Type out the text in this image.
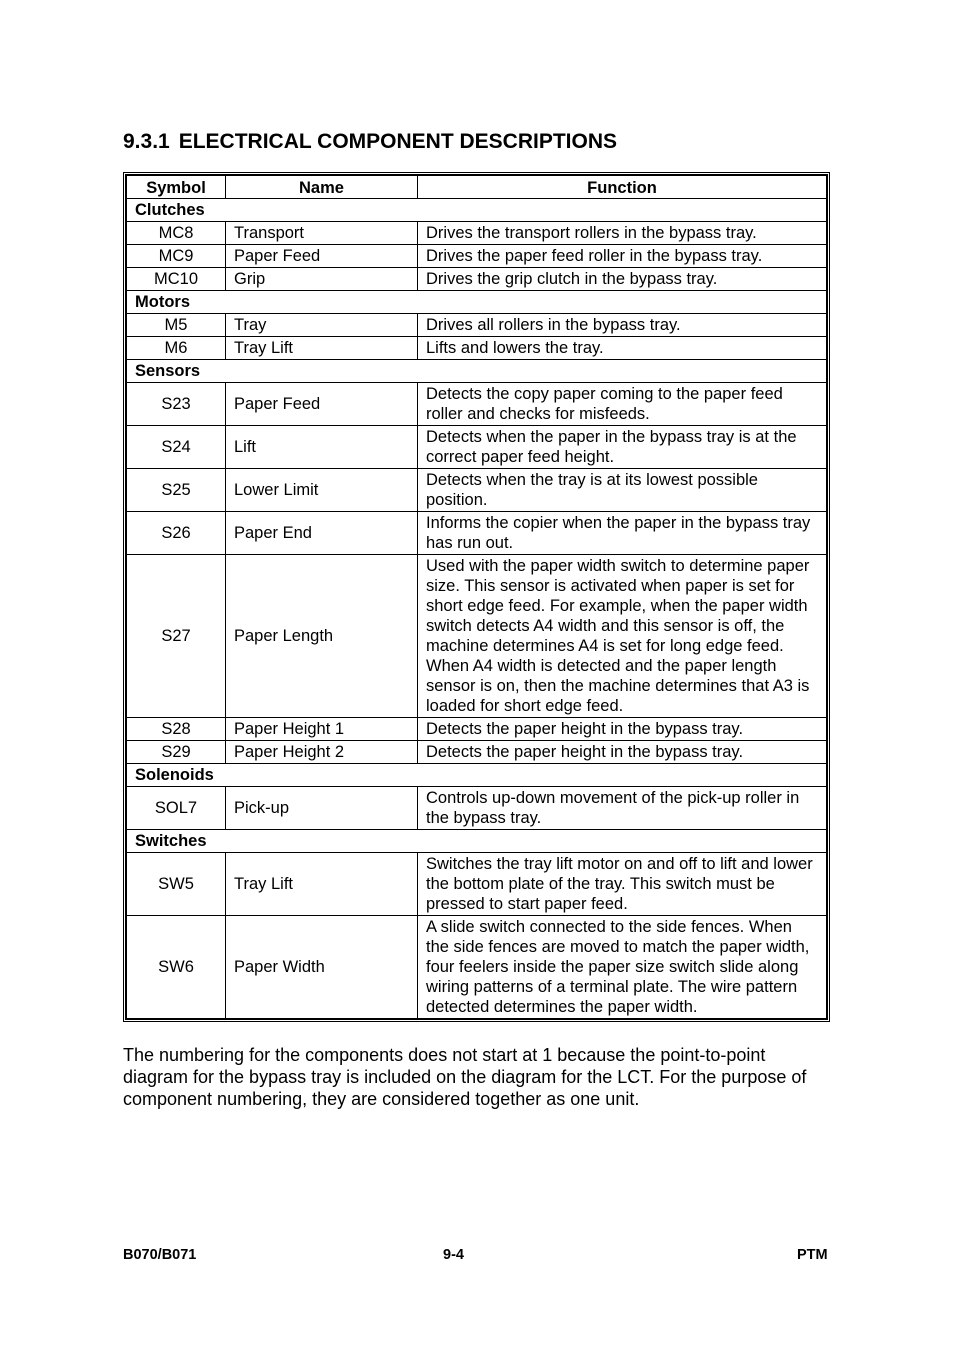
9.3.1 ELECTRICAL COMPONENT DESCRIPTIONS
Symbol	Name	Function
Clutches		
MC8	Transport	Drives the transport rollers in the bypass tray.
MC9	Paper Feed	Drives the paper feed roller in the bypass tray.
MC10	Grip	Drives the grip clutch in the bypass tray.
Motors		
M5	Tray	Drives all rollers in the bypass tray.
M6	Tray Lift	Lifts and lowers the tray.
Sensors		
S23	Paper Feed	Detects the copy paper coming to the paper feed roller and checks for misfeeds.
S24	Lift	Detects when the paper in the bypass tray is at the correct paper feed height.
S25	Lower Limit	Detects when the tray is at its lowest possible position.
S26	Paper End	Informs the copier when the paper in the bypass tray has run out.
S27	Paper Length	Used with the paper width switch to determine paper size. This sensor is activated when paper is set for short edge feed. For example, when the paper width switch detects A4 width and this sensor is off, the machine determines A4 is set for long edge feed. When A4 width is detected and the paper length sensor is on, then the machine determines that A3 is loaded for short edge feed.
S28	Paper Height 1	Detects the paper height in the bypass tray.
S29	Paper Height 2	Detects the paper height in the bypass tray.
Solenoids		
SOL7	Pick-up	Controls up-down movement of the pick-up roller in the bypass tray.
Switches		
SW5	Tray Lift	Switches the tray lift motor on and off to lift and lower the bottom plate of the tray. This switch must be pressed to start paper feed.
SW6	Paper Width	A slide switch connected to the side fences. When the side fences are moved to match the paper width, four feelers inside the paper size switch slide along wiring patterns of a terminal plate. The wire pattern detected determines the paper width.

The numbering for the components does not start at 1 because the point-to-point diagram for the bypass tray is included on the diagram for the LCT. For the purpose of component numbering, they are considered together as one unit.

B070/B071	9-4	PTM
